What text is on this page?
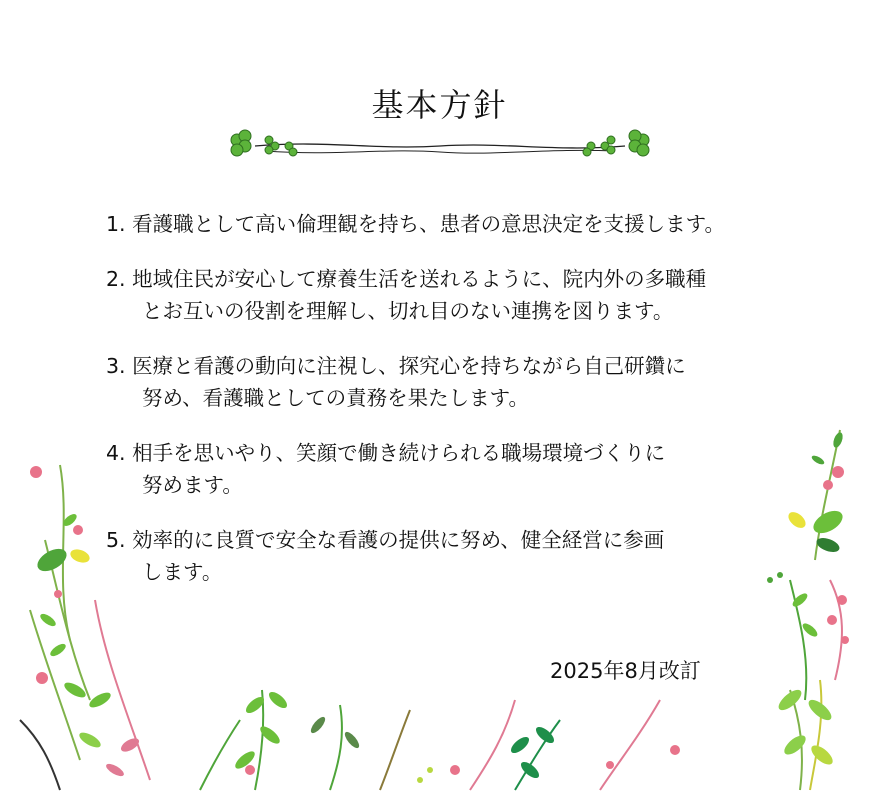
基本方針
1. 看護職として高い倫理観を持ち、患者の意思決定を支援します。
2. 地域住民が安心して療養生活を送れるように、院内外の多職種
とお互いの役割を理解し、切れ目のない連携を図ります。
3. 医療と看護の動向に注視し、探究心を持ちながら自己研鑽に
努め、看護職としての責務を果たします。
4. 相手を思いやり、笑顔で働き続けられる職場環境づくりに
努めます。
5. 効率的に良質で安全な看護の提供に努め、健全経営に参画
します。
2025年8月改訂
